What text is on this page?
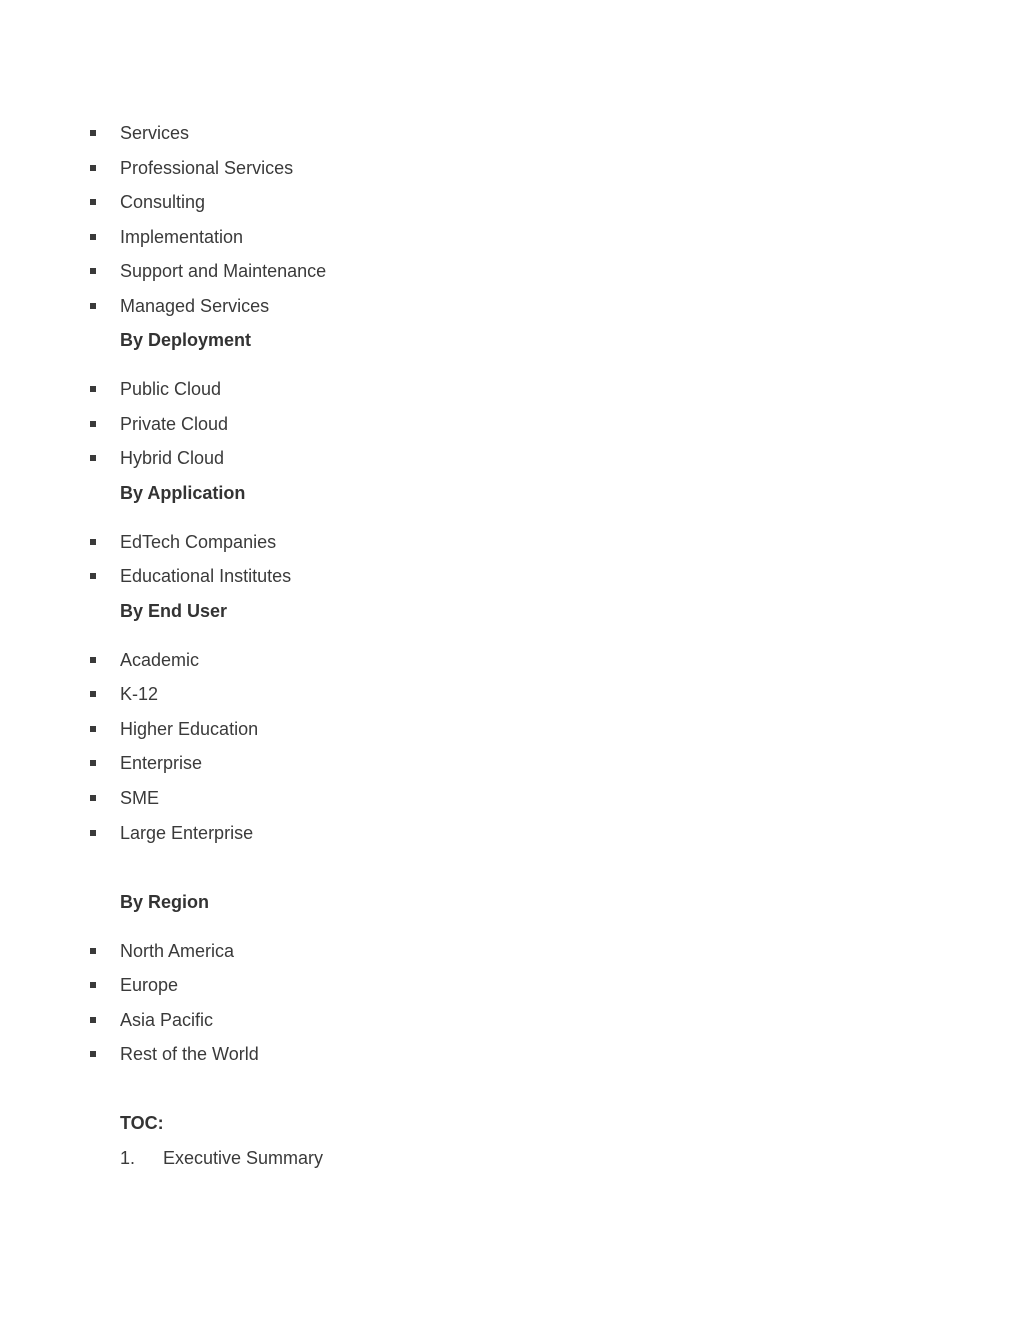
Services
Professional Services
Consulting
Implementation
Support and Maintenance
Managed Services
By Deployment
Public Cloud
Private Cloud
Hybrid Cloud
By Application
EdTech Companies
Educational Institutes
By End User
Academic
K-12
Higher Education
Enterprise
SME
Large Enterprise
By Region
North America
Europe
Asia Pacific
Rest of the World
TOC:
1. Executive Summary
